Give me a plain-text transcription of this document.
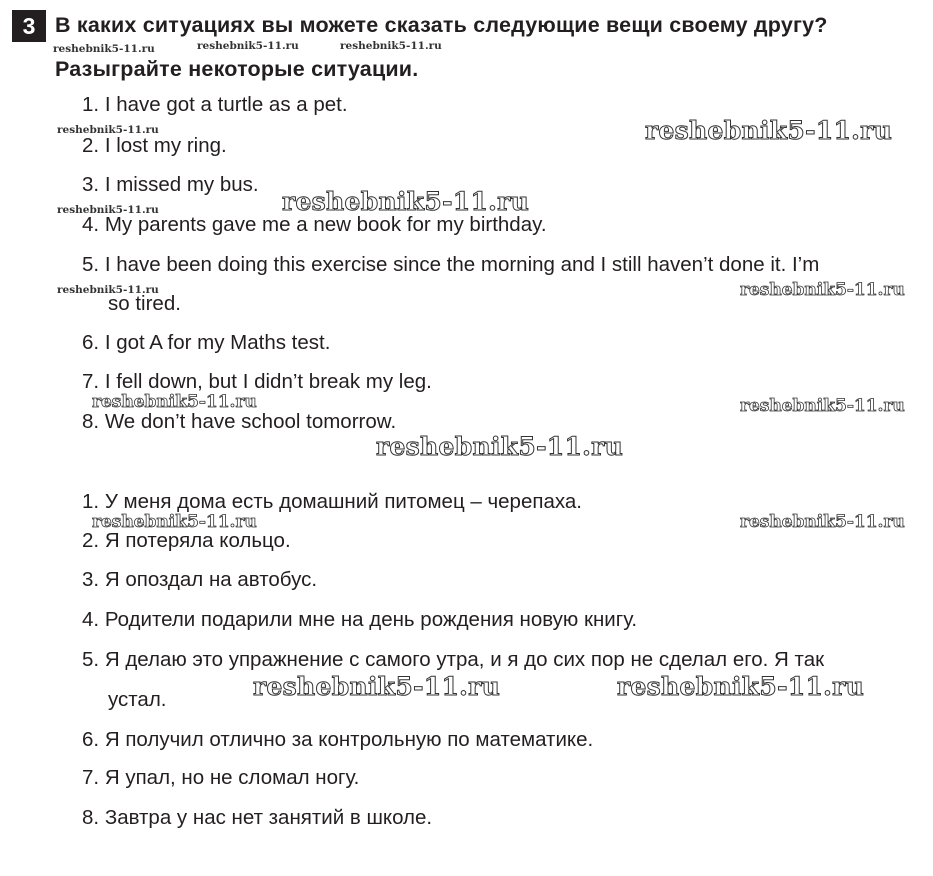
3 В каких ситуациях вы можете сказать следующие вещи своему другу?
Разыграйте некоторые ситуации.
1. I have got a turtle as a pet.
2. I lost my ring.
3. I missed my bus.
4. My parents gave me a new book for my birthday.
5. I have been doing this exercise since the morning and I still haven’t done it. I’m
so tired.
6. I got A for my Maths test.
7. I fell down, but I didn’t break my leg.
8. We don’t have school tomorrow.
1. У меня дома есть домашний питомец – черепаха.
2. Я потеряла кольцо.
3. Я опоздал на автобус.
4. Родители подарили мне на день рождения новую книгу.
5. Я делаю это упражнение с самого утра, и я до сих пор не сделал его. Я так
устал.
6. Я получил отлично за контрольную по математике.
7. Я упал, но не сломал ногу.
8. Завтра у нас нет занятий в школе.
reshebnik5-11.ru	reshebnik5-11.ru	reshebnik5-11.ru
reshebnik5-11.ru	reshebnik5-11.ru
reshebnik5-11.ru
reshebnik5-11.ru
reshebnik5-11.ru	reshebnik5-11.ru
reshebnik5-11.ru	reshebnik5-11.ru
reshebnik5-11.ru
reshebnik5-11.ru	reshebnik5-11.ru
reshebnik5-11.ru	reshebnik5-11.ru
